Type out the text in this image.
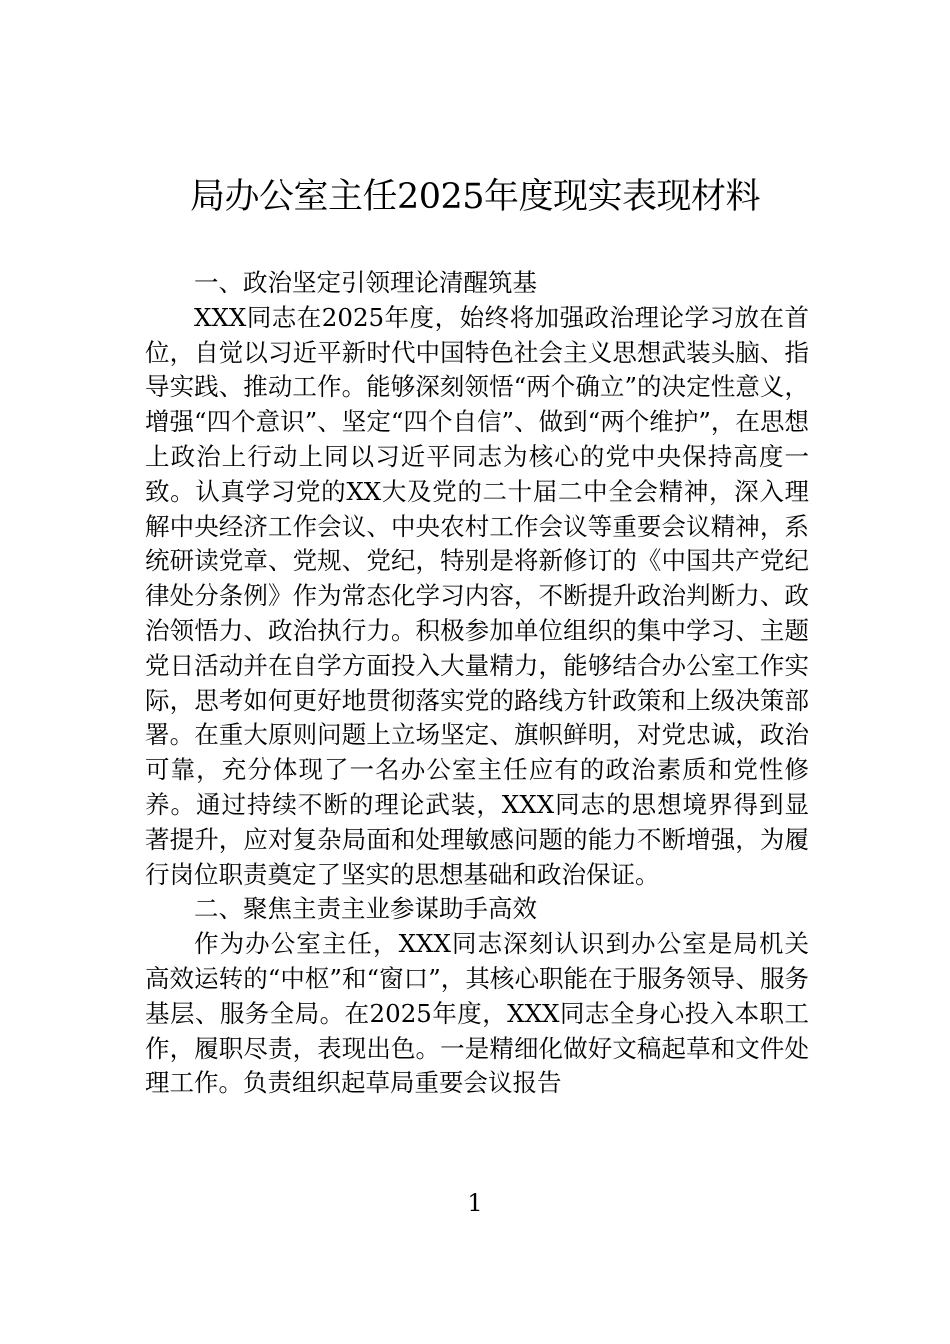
局办公室主任2025年度现实表现材料

一、政治坚定引领理论清醒筑基

XXX同志在2025年度，始终将加强政治理论学习放在首位，自觉以习近平新时代中国特色社会主义思想武装头脑、指导实践、推动工作。能够深刻领悟“两个确立”的决定性意义，增强“四个意识”、坚定“四个自信”、做到“两个维护”，在思想上政治上行动上同以习近平同志为核心的党中央保持高度一致。认真学习党的XX大及党的二十届二中全会精神，深入理解中央经济工作会议、中央农村工作会议等重要会议精神，系统研读党章、党规、党纪，特别是将新修订的《中国共产党纪律处分条例》作为常态化学习内容，不断提升政治判断力、政治领悟力、政治执行力。积极参加单位组织的集中学习、主题党日活动并在自学方面投入大量精力，能够结合办公室工作实际，思考如何更好地贯彻落实党的路线方针政策和上级决策部署。在重大原则问题上立场坚定、旗帜鲜明，对党忠诚，政治可靠，充分体现了一名办公室主任应有的政治素质和党性修养。通过持续不断的理论武装，XXX同志的思想境界得到显著提升，应对复杂局面和处理敏感问题的能力不断增强，为履行岗位职责奠定了坚实的思想基础和政治保证。

二、聚焦主责主业参谋助手高效

作为办公室主任，XXX同志深刻认识到办公室是局机关高效运转的“中枢”和“窗口”，其核心职能在于服务领导、服务基层、服务全局。在2025年度，XXX同志全身心投入本职工作，履职尽责，表现出色。一是精细化做好文稿起草和文件处理工作。负责组织起草局重要会议报告

1
